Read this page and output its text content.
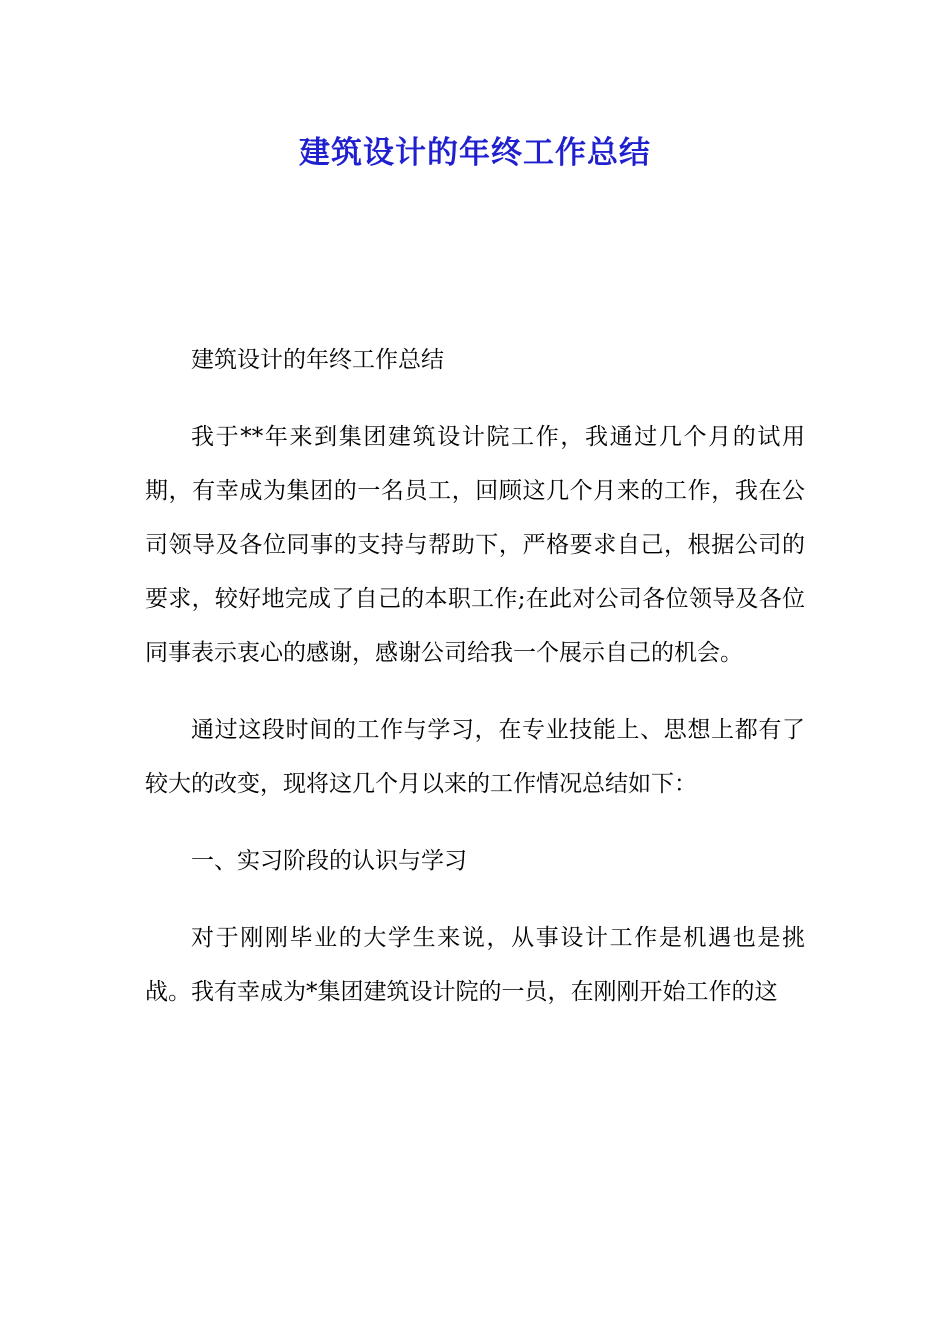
建筑设计的年终工作总结

建筑设计的年终工作总结

我于**年来到集团建筑设计院工作，我通过几个月的试用期，有幸成为集团的一名员工，回顾这几个月来的工作，我在公司领导及各位同事的支持与帮助下，严格要求自己，根据公司的要求，较好地完成了自己的本职工作;在此对公司各位领导及各位同事表示衷心的感谢，感谢公司给我一个展示自己的机会。

通过这段时间的工作与学习，在专业技能上、思想上都有了较大的改变，现将这几个月以来的工作情况总结如下：

一、实习阶段的认识与学习

对于刚刚毕业的大学生来说，从事设计工作是机遇也是挑战。我有幸成为*集团建筑设计院的一员，在刚刚开始工作的这
